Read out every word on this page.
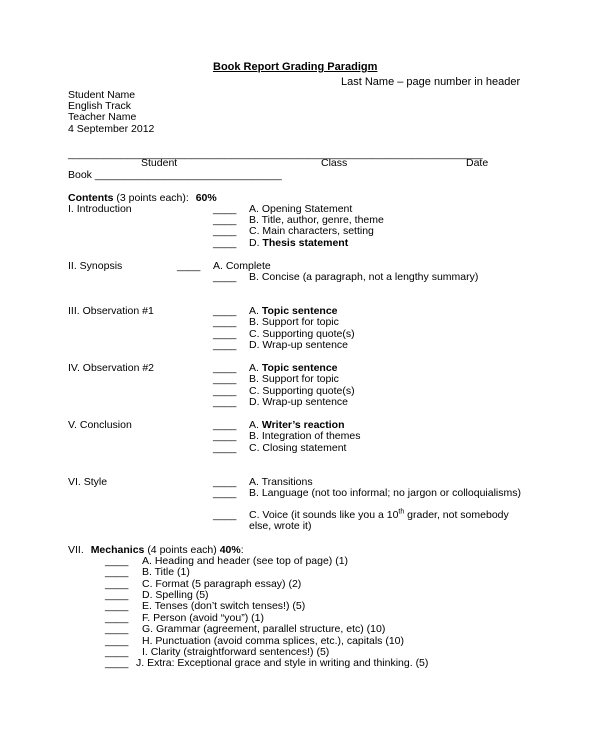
Book Report Grading Paradigm
Last Name – page number in header
Student Name
English Track
Teacher Name
4 September 2012
_______________________________________________________________________
Student	Class	Date
Book ________________________________
Contents (3 points each): 60%
I. Introduction	____ A. Opening Statement
____ B. Title, author, genre, theme
____ C. Main characters, setting
____ D. Thesis statement
II. Synopsis	____ A. Complete
____ B. Concise (a paragraph, not a lengthy summary)
III. Observation #1	____ A. Topic sentence
____ B. Support for topic
____ C. Supporting quote(s)
____ D. Wrap-up sentence
IV. Observation #2	____ A. Topic sentence
____ B. Support for topic
____ C. Supporting quote(s)
____ D. Wrap-up sentence
V. Conclusion	____ A. Writer’s reaction
____ B. Integration of themes
____ C. Closing statement
VI. Style	____ A. Transitions
____ B. Language (not too informal; no jargon or colloquialisms)
____ C. Voice (it sounds like you a 10th grader, not somebody
else, wrote it)
VII. Mechanics (4 points each) 40%:
____ A. Heading and header (see top of page) (1)
____ B. Title (1)
____ C. Format (5 paragraph essay) (2)
____ D. Spelling (5)
____ E. Tenses (don’t switch tenses!) (5)
____ F. Person (avoid “you”) (1)
____ G. Grammar (agreement, parallel structure, etc) (10)
____ H. Punctuation (avoid comma splices, etc.), capitals (10)
____ I. Clarity (straightforward sentences!) (5)
____ J. Extra: Exceptional grace and style in writing and thinking. (5)
